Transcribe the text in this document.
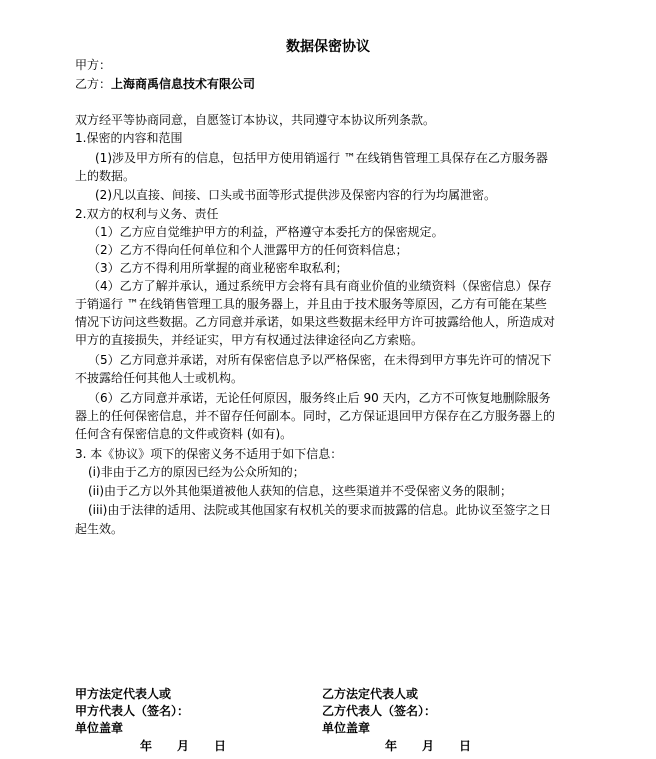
数据保密协议
甲方：
乙方：上海商禹信息技术有限公司
双方经平等协商同意，自愿签订本协议，共同遵守本协议所列条款。
1.保密的内容和范围
(1)涉及甲方所有的信息，包括甲方使用销遥行 ™在线销售管理工具保存在乙方服务器
上的数据。
(2)凡以直接、间接、口头或书面等形式提供涉及保密内容的行为均属泄密。
2.双方的权利与义务、责任
（1）乙方应自觉维护甲方的利益，严格遵守本委托方的保密规定。
（2）乙方不得向任何单位和个人泄露甲方的任何资料信息；
（3）乙方不得利用所掌握的商业秘密牟取私利；
（4）乙方了解并承认，通过系统甲方会将有具有商业价值的业绩资料（保密信息）保存
于销遥行 ™在线销售管理工具的服务器上，并且由于技术服务等原因，乙方有可能在某些
情况下访问这些数据。乙方同意并承诺，如果这些数据未经甲方许可披露给他人，所造成对
甲方的直接损失，并经证实，甲方有权通过法律途径向乙方索赔。
（5）乙方同意并承诺，对所有保密信息予以严格保密，在未得到甲方事先许可的情况下
不披露给任何其他人士或机构。
（6）乙方同意并承诺，无论任何原因，服务终止后 90 天内，乙方不可恢复地删除服务
器上的任何保密信息，并不留存任何副本。同时，乙方保证退回甲方保存在乙方服务器上的
任何含有保密信息的文件或资料 (如有)。
3. 本《协议》项下的保密义务不适用于如下信息：
(i)非由于乙方的原因已经为公众所知的；
(ii)由于乙方以外其他渠道被他人获知的信息，这些渠道并不受保密义务的限制；
(iii)由于法律的适用、法院或其他国家有权机关的要求而披露的信息。此协议至签字之日
起生效。
甲方法定代表人或
甲方代表人（签名）：
单位盖章
年 月 日
乙方法定代表人或
乙方代表人（签名）：
单位盖章
年 月 日
